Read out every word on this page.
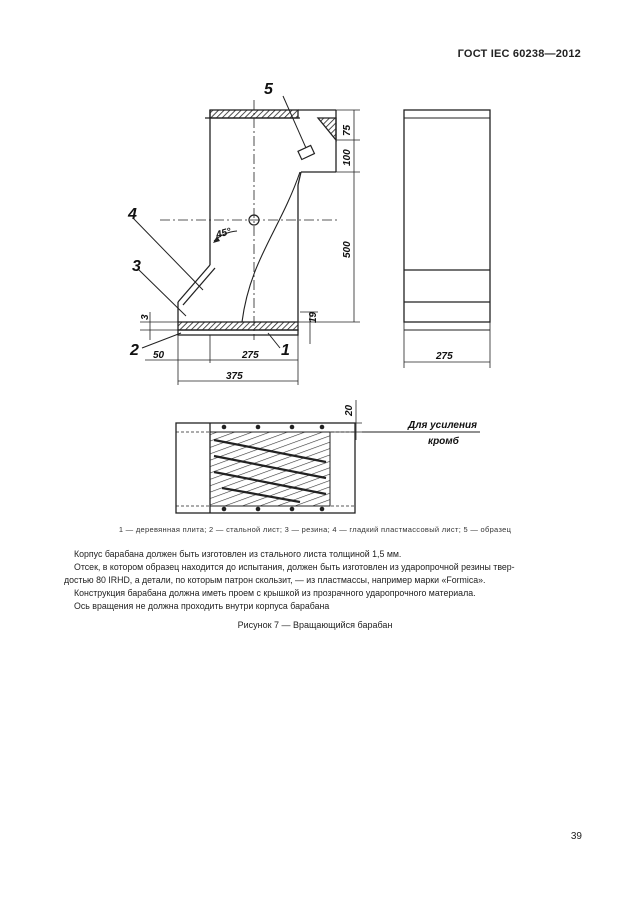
ГОСТ IEC 60238—2012
5
4
3
2	1
45°
75
100
500
19
3
50	275
375
275
20
Для усиления
кромб
1 — деревянная плита; 2 — стальной лист; 3 — резина; 4 — гладкий пластмассовый лист; 5 — образец

Корпус барабана должен быть изготовлен из стального листа толщиной 1,5 мм.

Отсек, в котором образец находится до испытания, должен быть изготовлен из ударопрочной резины твер-

достью 80 IRHD, а детали, по которым патрон скользит, — из пластмассы, например марки «Formica».

Конструкция барабана должна иметь проем с крышкой из прозрачного ударопрочного материала.

Ось вращения не должна проходить внутри корпуса барабана

Рисунок 7 — Вращающийся барабан
39
